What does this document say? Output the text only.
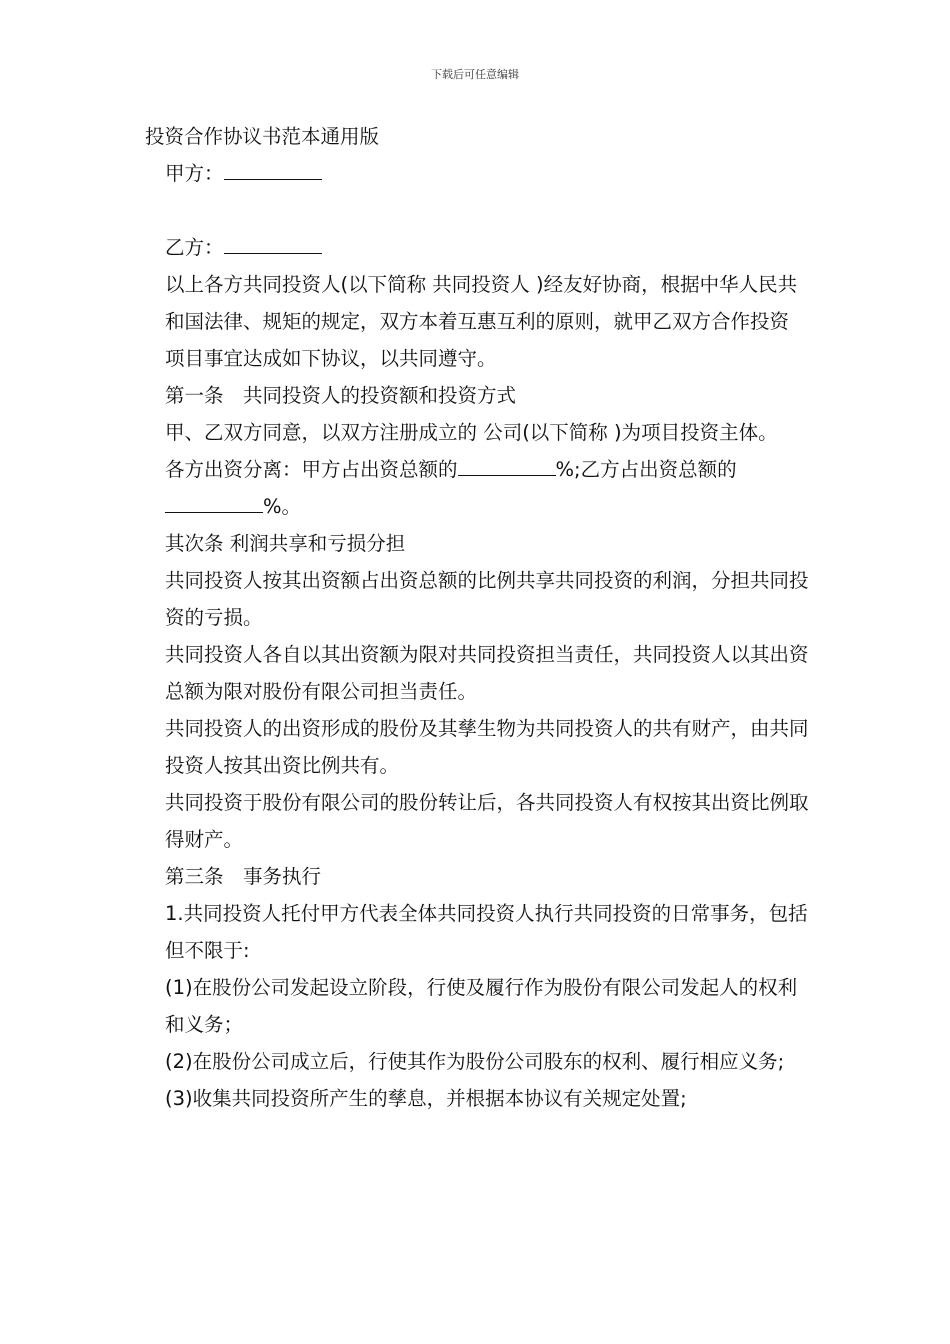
下载后可任意编辑

投资合作协议书范本通用版

甲方：

乙方：

以上各方共同投资人(以下简称 共同投资人 )经友好协商，根据中华人民共和国法律、规矩的规定，双方本着互惠互利的原则，就甲乙双方合作投资 项目事宜达成如下协议，以共同遵守。

第一条　共同投资人的投资额和投资方式

甲、乙双方同意，以双方注册成立的 公司(以下简称 )为项目投资主体。

各方出资分离：甲方占出资总额的	%;乙方占出资总额的%。

其次条 利润共享和亏损分担

共同投资人按其出资额占出资总额的比例共享共同投资的利润，分担共同投资的亏损。

共同投资人各自以其出资额为限对共同投资担当责任，共同投资人以其出资总额为限对股份有限公司担当责任。

共同投资人的出资形成的股份及其孳生物为共同投资人的共有财产，由共同投资人按其出资比例共有。

共同投资于股份有限公司的股份转让后，各共同投资人有权按其出资比例取得财产。

第三条　事务执行

1.共同投资人托付甲方代表全体共同投资人执行共同投资的日常事务，包括但不限于:

(1)在股份公司发起设立阶段，行使及履行作为股份有限公司发起人的权利和义务；

(2)在股份公司成立后，行使其作为股份公司股东的权利、履行相应义务;

(3)收集共同投资所产生的孳息，并根据本协议有关规定处置;
